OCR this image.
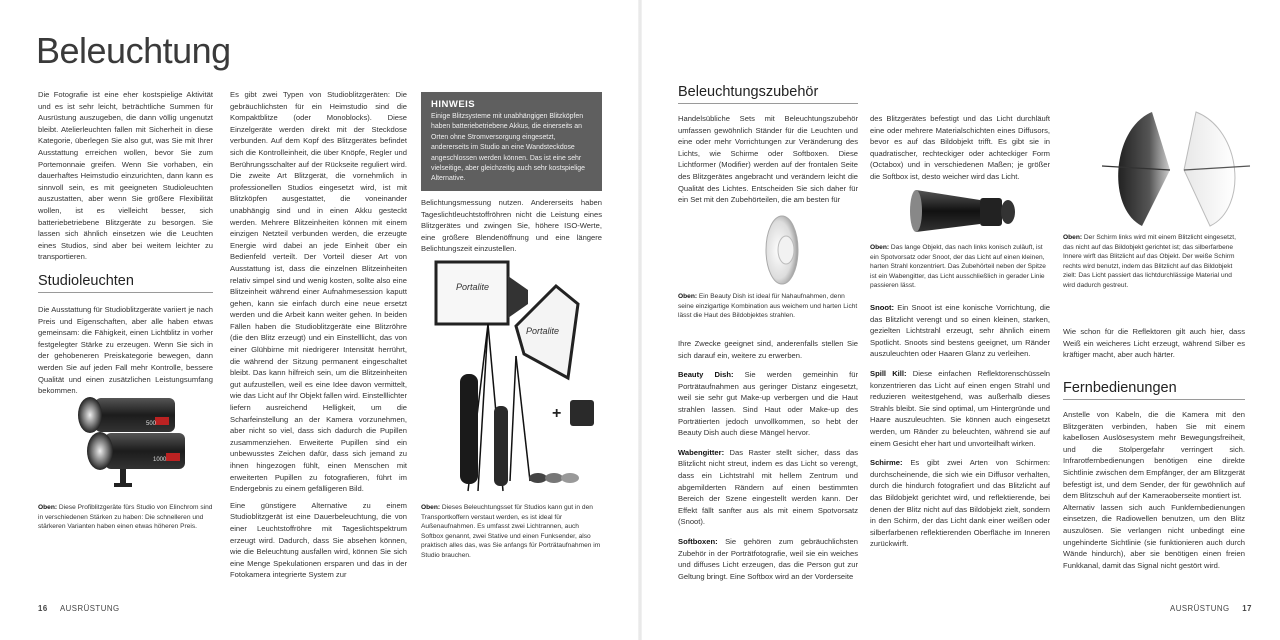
Beleuchtung

Die Fotografie ist eine eher kostspielige Aktivität und es ist sehr leicht, beträchtliche Summen für Ausrüstung auszugeben, die dann völlig ungenutzt bleibt. Atelierleuchten fallen mit Sicherheit in diese Kategorie, überlegen Sie also gut, was Sie mit Ihrer Ausstattung erreichen wollen, bevor Sie zum Portemonnaie greifen. Wenn Sie vorhaben, ein dauerhaftes Heimstudio einzurichten, dann kann es sinnvoll sein, es mit geeigneten Studioleuchten auszustatten, aber wenn Sie größere Flexibilität wollen, ist es vielleicht besser, sich batteriebetriebene Blitzgeräte zu besorgen. Sie lassen sich ähnlich einsetzen wie die Leuchten eines Studios, sind aber bei weitem leichter zu transportieren.

Studioleuchten

Die Ausstattung für Studioblitzgeräte variiert je nach Preis und Eigenschaften, aber alle haben etwas gemeinsam: die Fähigkeit, einen Lichtblitz in vorher festgelegter Stärke zu erzeugen. Wenn Sie sich in der gehobeneren Preiskategorie bewegen, dann werden Sie auf jeden Fall mehr Kontrolle, bessere Qualität und einen zusätzlichen Leistungsumfang bekommen.

500
1000
Oben: Diese Profiblitzgeräte fürs Studio von Elinchrom sind in verschiedenen Stärken zu haben: Die schnelleren und stärkeren Varianten haben einen etwas höheren Preis.

Es gibt zwei Typen von Studioblitzgeräten: Die gebräuchlichsten für ein Heimstudio sind die Kompaktblitze (oder Monoblocks). Diese Einzelgeräte werden direkt mit der Steckdose verbunden. Auf dem Kopf des Blitzgerätes befindet sich die Kontrolleinheit, die über Knöpfe, Regler und Berührungsschalter auf der Rückseite reguliert wird. Die zweite Art Blitzgerät, die vornehmlich in professionellen Studios eingesetzt wird, ist mit Blitzköpfen ausgestattet, die voneinander unabhängig sind und in einen Akku gesteckt werden. Mehrere Blitzeinheiten können mit einem einzigen Netzteil verbunden werden, die erzeugte Energie wird dabei an jede Einheit über ein Bedienfeld verteilt. Der Vorteil dieser Art von Ausstattung ist, dass die einzelnen Blitzeinheiten relativ simpel sind und wenig kosten, sollte also eine Blitzeinheit während einer Aufnahmesession kaputt gehen, kann sie einfach durch eine neue ersetzt werden und die Arbeit kann weiter gehen. In beiden Fällen haben die Studioblitzgeräte eine Blitzröhre (die den Blitz erzeugt) und ein Einstelllicht, das von einer Glühbirne mit niedrigerer Intensität herrührt, die während der Sitzung permanent eingeschaltet bleibt. Das kann hilfreich sein, um die Blitzeinheiten gut aufzustellen, weil es eine Idee davon vermittelt, wie das Licht auf Ihr Objekt fallen wird. Einstelllichter liefern ausreichend Helligkeit, um die Scharfeinstellung an der Kamera vorzunehmen, aber nicht so viel, dass sich dadurch die Pupillen zusammenziehen. Erweiterte Pupillen sind ein unbewusstes Zeichen dafür, dass sich jemand zu ihnen hingezogen fühlt, einen Menschen mit erweiterten Pupillen zu fotografieren, führt im Endergebnis zu einem gefälligeren Bild.

Eine günstigere Alternative zu einem Studioblitzgerät ist eine Dauerbeleuchtung, die von einer Leuchtstoffröhre mit Tageslichtspektrum erzeugt wird. Dadurch, dass Sie absehen können, wie die Beleuchtung ausfallen wird, können Sie sich eine Menge Spekulationen ersparen und das in der Fotokamera integrierte System zur

HINWEIS
Einige Blitzsysteme mit unabhängigen Blitzköpfen haben batteriebetriebene Akkus, die einerseits an Orten ohne Stromversorgung eingesetzt, andererseits im Studio an eine Wandsteckdose angeschlossen werden können. Das ist eine sehr vielseitige, aber gleichzeitig auch sehr kostspielige Alternative.

Belichtungsmessung nutzen. Andererseits haben Tageslichtleuchtstoffröhren nicht die Leistung eines Blitzgerätes und zwingen Sie, höhere ISO-Werte, eine größere Blendenöffnung und eine längere Belichtungszeit einzustellen.

Portalite
Portalite
+
Oben: Dieses Beleuchtungsset für Studios kann gut in den Transportkoffern verstaut werden, es ist ideal für Außenaufnahmen. Es umfasst zwei Lichtrannen, auch Softbox genannt, zwei Stative und einen Funksender, also praktisch alles das, was Sie anfangs für Porträtaufnahmen im Studio brauchen.
16 AUSRÜSTUNG
Beleuchtungszubehör

Handelsübliche Sets mit Beleuchtungszubehör umfassen gewöhnlich Ständer für die Leuchten und eine oder mehr Vorrichtungen zur Veränderung des Lichts, wie Schirme oder Softboxen. Diese Lichtformer (Modifier) werden auf der frontalen Seite des Blitzgerätes angebracht und verändern leicht die Qualität des Lichtes. Entscheiden Sie sich daher für ein Set mit den Zubehörteilen, die am besten für

Oben: Ein Beauty Dish ist ideal für Nahaufnahmen, denn seine einzigartige Kombination aus weichem und harten Licht lässt die Haut des Bildobjektes strahlen.

Ihre Zwecke geeignet sind, anderenfalls stellen Sie sich darauf ein, weitere zu erwerben.

Beauty Dish: Sie werden gemeinhin für Porträtaufnahmen aus geringer Distanz eingesetzt, weil sie sehr gut Make-up verbergen und die Haut strahlen lassen. Sind Haut oder Make-up des Porträtierten jedoch unvollkommen, so hebt der Beauty Dish auch diese Mängel hervor.

Wabengitter: Das Raster stellt sicher, dass das Blitzlicht nicht streut, indem es das Licht so verengt, dass ein Lichtstrahl mit hellem Zentrum und abgemilderten Rändern auf einen bestimmten Bereich der Szene eingestellt werden kann. Der Effekt fällt sanfter aus als mit einem Spotvorsatz (Snoot).

Softboxen: Sie gehören zum gebräuchlichsten Zubehör in der Porträtfotografie, weil sie ein weiches und diffuses Licht erzeugen, das die Person gut zur Geltung bringt. Eine Softbox wird an der Vorderseite

des Blitzgerätes befestigt und das Licht durchläuft eine oder mehrere Materialschichten eines Diffusors, bevor es auf das Bildobjekt trifft. Es gibt sie in quadratischer, rechteckiger oder achteckiger Form (Octabox) und in verschiedenen Maßen; je größer die Softbox ist, desto weicher wird das Licht.

Oben: Das lange Objekt, das nach links konisch zuläuft, ist ein Spotvorsatz oder Snoot, der das Licht auf einen kleinen, harten Strahl konzentriert. Das Zubehörteil neben der Spitze ist ein Wabengitter, das Licht ausschließlich in gerader Linie passieren lässt.

Snoot: Ein Snoot ist eine konische Vorrichtung, die das Blitzlicht verengt und so einen kleinen, starken, gezielten Lichtstrahl erzeugt, sehr ähnlich einem Spotlicht. Snoots sind bestens geeignet, um Ränder auszuleuchten oder Haaren Glanz zu verleihen.

Spill Kill: Diese einfachen Reflektorenschüsseln konzentrieren das Licht auf einen engen Strahl und reduzieren weitestgehend, was außerhalb dieses Strahls bleibt. Sie sind optimal, um Hintergründe und Haare auszuleuchten. Sie können auch eingesetzt werden, um Ränder zu beleuchten, während sie auf einem Gesicht eher hart und unvorteilhaft wirken.

Schirme: Es gibt zwei Arten von Schirmen: durchscheinende, die sich wie ein Diffusor verhalten, durch die hindurch fotografiert und das Blitzlicht auf das Bildobjekt gerichtet wird, und reflektierende, bei denen der Blitz nicht auf das Bildobjekt zielt, sondern in den Schirm, der das Licht dank einer weißen oder silberfarbenen reflektierenden Oberfläche im Inneren zurückwirft.

Oben: Der Schirm links wird mit einem Blitzlicht eingesetzt, das nicht auf das Bildobjekt gerichtet ist; das silberfarbene Innere wirft das Blitzlicht auf das Objekt. Der weiße Schirm rechts wird benutzt, indem das Blitzlicht auf das Bildobjekt zielt: Das Licht passiert das lichtdurchlässige Material und wird dadurch gestreut.

Wie schon für die Reflektoren gilt auch hier, dass Weiß ein weicheres Licht erzeugt, während Silber es kräftiger macht, aber auch härter.

Fernbedienungen

Anstelle von Kabeln, die die Kamera mit den Blitzgeräten verbinden, haben Sie mit einem kabellosen Auslösesystem mehr Bewegungsfreiheit, und die Stolpergefahr verringert sich. Infrarotfernbedienungen benötigen eine direkte Sichtlinie zwischen dem Empfänger, der am Blitzgerät befestigt ist, und dem Sender, der für gewöhnlich auf dem Blitzschuh auf der Kameraoberseite montiert ist.

Alternativ lassen sich auch Funkfernbedienungen einsetzen, die Radiowellen benutzen, um den Blitz auszulösen. Sie verlangen nicht unbedingt eine ungehinderte Sichtlinie (sie funktionieren auch durch Wände hindurch), aber sie benötigen einen freien Funkkanal, damit das Signal nicht gestört wird.

AUSRÜSTUNG 17
